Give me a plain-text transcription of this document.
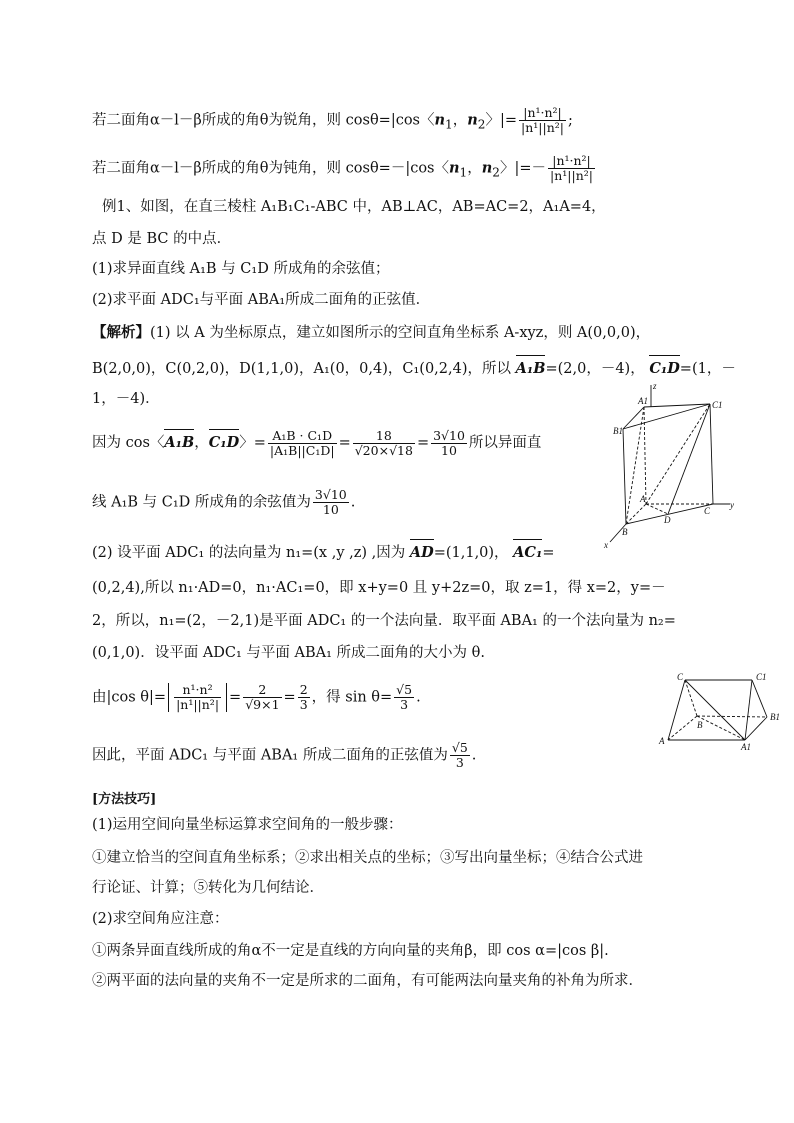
若二面角α－l－β所成的角θ为锐角，则 cosθ=|cos〈$n_1$，$n_2$〉|= $\frac{\text{|n¹·n²|}}{\text{|n¹||n²|}}$ ;
若二面角α－l－β所成的角θ为钝角，则 cosθ=－|cos〈$n_1$，$n_2$〉|=－ $\frac{\text{|n¹·n²|}}{\text{|n¹||n²|}}$
例1、如图，在直三棱柱 A₁B₁C₁-ABC 中，AB⊥AC，AB=AC=2，A₁A=4，
点 D 是 BC 的中点．
(1)求异面直线 A₁B 与 C₁D 所成角的余弦值；
(2)求平面 ADC₁与平面 ABA₁所成二面角的正弦值．
【解析】(1) 以 A 为坐标原点，建立如图所示的空间直角坐标系 A-xyz，则 A(0,0,0)，
B(2,0,0)，C(0,2,0)，D(1,1,0)，A₁(0，0,4)，C₁(0,2,4)，所以 A₁B=(2,0，－4)， C₁D=(1，－
1，－4)．
因为 cos〈A₁B，C₁D〉= $\frac{\text{A₁B · C₁D}}{\text{|A₁B||C₁D|}} = \frac{18}{√20\times√18} = \frac{3√10}{10}$ 所以异面直
线 A₁B 与 C₁D 所成角的余弦值为 $\frac{3√10}{10}$ .
(2) 设平面 ADC₁ 的法向量为 n₁=(x ,y ,z) ,因为 AD=(1,1,0)， AC₁=
(0,2,4),所以 n₁·AD=0，n₁·AC₁=0，即 x+y=0 且 y+2z=0，取 z=1，得 x=2，y=－
2，所以，n₁=(2，－2,1)是平面 ADC₁ 的一个法向量．取平面 ABA₁ 的一个法向量为 n₂=
(0,1,0)．设平面 ADC₁ 与平面 ABA₁ 所成二面角的大小为 θ.
由|cos $\theta|= \frac{\text{n¹·n²}}{\text{|n¹||n²|}} = \frac{2}{√9\times 1} = \frac{2}{3}$ ，得 $\sin \theta= \frac{√5}{3}$ .
因此，平面 ADC₁ 与平面 ABA₁ 所成二面角的正弦值为 $\frac{√5}{3}$ .
[方法技巧]
(1)运用空间向量坐标运算求空间角的一般步骤：
①建立恰当的空间直角坐标系；②求出相关点的坐标；③写出向量坐标；④结合公式进
行论证、计算；⑤转化为几何结论．
(2)求空间角应注意：
①两条异面直线所成的角α不一定是直线的方向向量的夹角β，即 cos α=|cos β|.
②两平面的法向量的夹角不一定是所求的二面角，有可能两法向量夹角的补角为所求．
A1	C1
B1
z
A
y
C
D
B
x
C	C1
B1
B
A
A1
